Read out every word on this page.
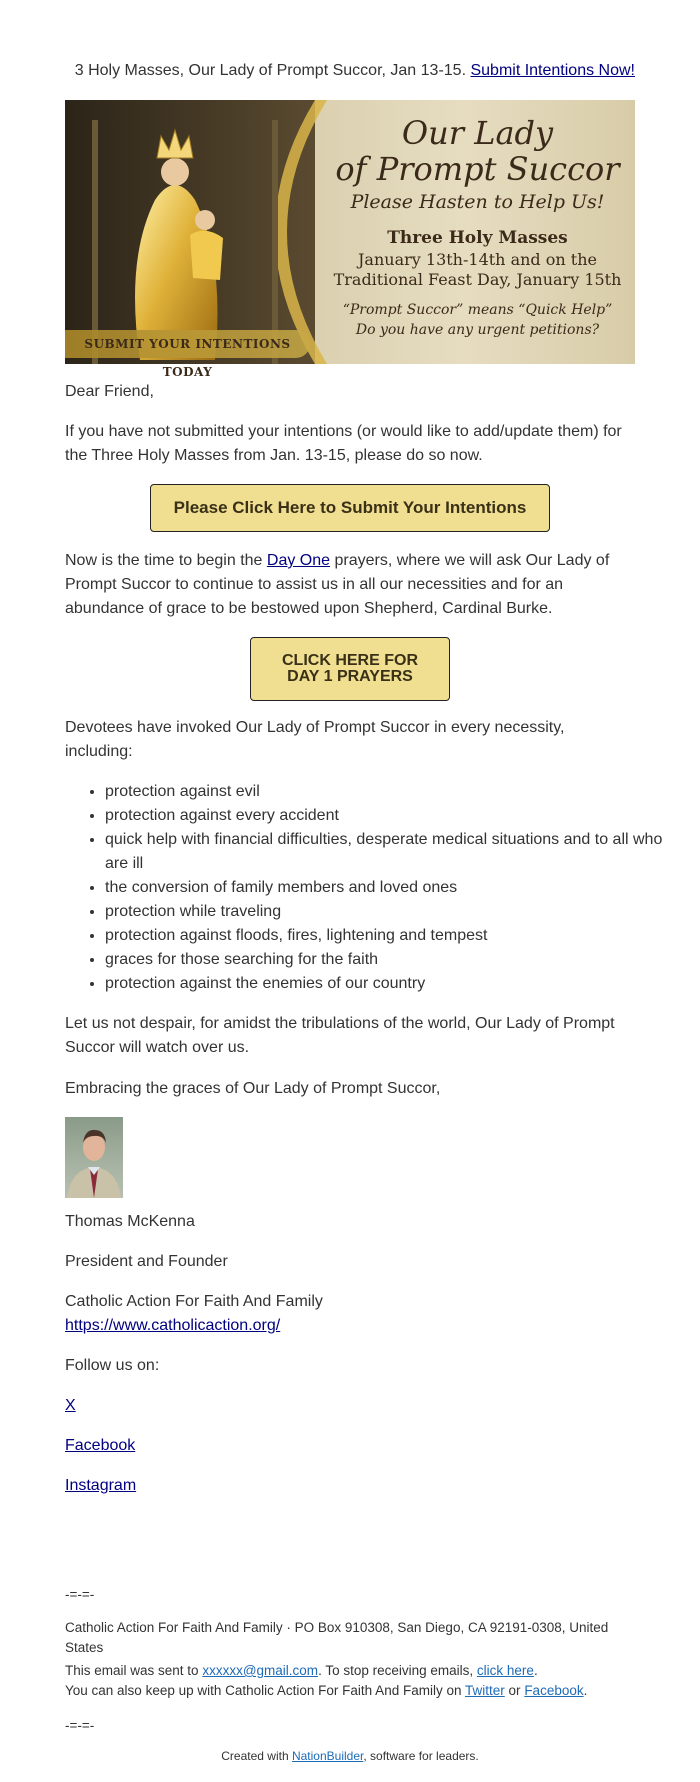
3 Holy Masses, Our Lady of Prompt Succor, Jan 13-15. Submit Intentions Now!
Our Lady
of Prompt Succor
Please Hasten to Help Us!
Three Holy Masses
January 13th-14th and on the
Traditional Feast Day, January 15th
“Prompt Succor” means “Quick Help”
Do you have any urgent petitions?
SUBMIT YOUR INTENTIONS TODAY

Dear Friend,

If you have not submitted your intentions (or would like to add/update them) for the Three Holy Masses from Jan. 13-15, please do so now.

Please Click Here to Submit Your Intentions

Now is the time to begin the Day One prayers, where we will ask Our Lady of Prompt Succor to continue to assist us in all our necessities and for an abundance of grace to be bestowed upon Shepherd, Cardinal Burke.

CLICK HERE FOR
DAY 1 PRAYERS

Devotees have invoked Our Lady of Prompt Succor in every necessity, including:

• protection against evil
• protection against every accident
• quick help with financial difficulties, desperate medical situations and to all who are ill
• the conversion of family members and loved ones
• protection while traveling
• protection against floods, fires, lightening and tempest
• graces for those searching for the faith
• protection against the enemies of our country

Let us not despair, for amidst the tribulations of the world, Our Lady of Prompt Succor will watch over us.

Embracing the graces of Our Lady of Prompt Succor,

Thomas McKenna

President and Founder

Catholic Action For Faith And Family
https://www.catholicaction.org/

Follow us on:

X

Facebook

Instagram

-=-=-

Catholic Action For Faith And Family · PO Box 910308, San Diego, CA 92191-0308, United States

This email was sent to xxxxxx@gmail.com. To stop receiving emails, click here.

You can also keep up with Catholic Action For Faith And Family on Twitter or Facebook.

-=-=-

Created with NationBuilder, software for leaders.
